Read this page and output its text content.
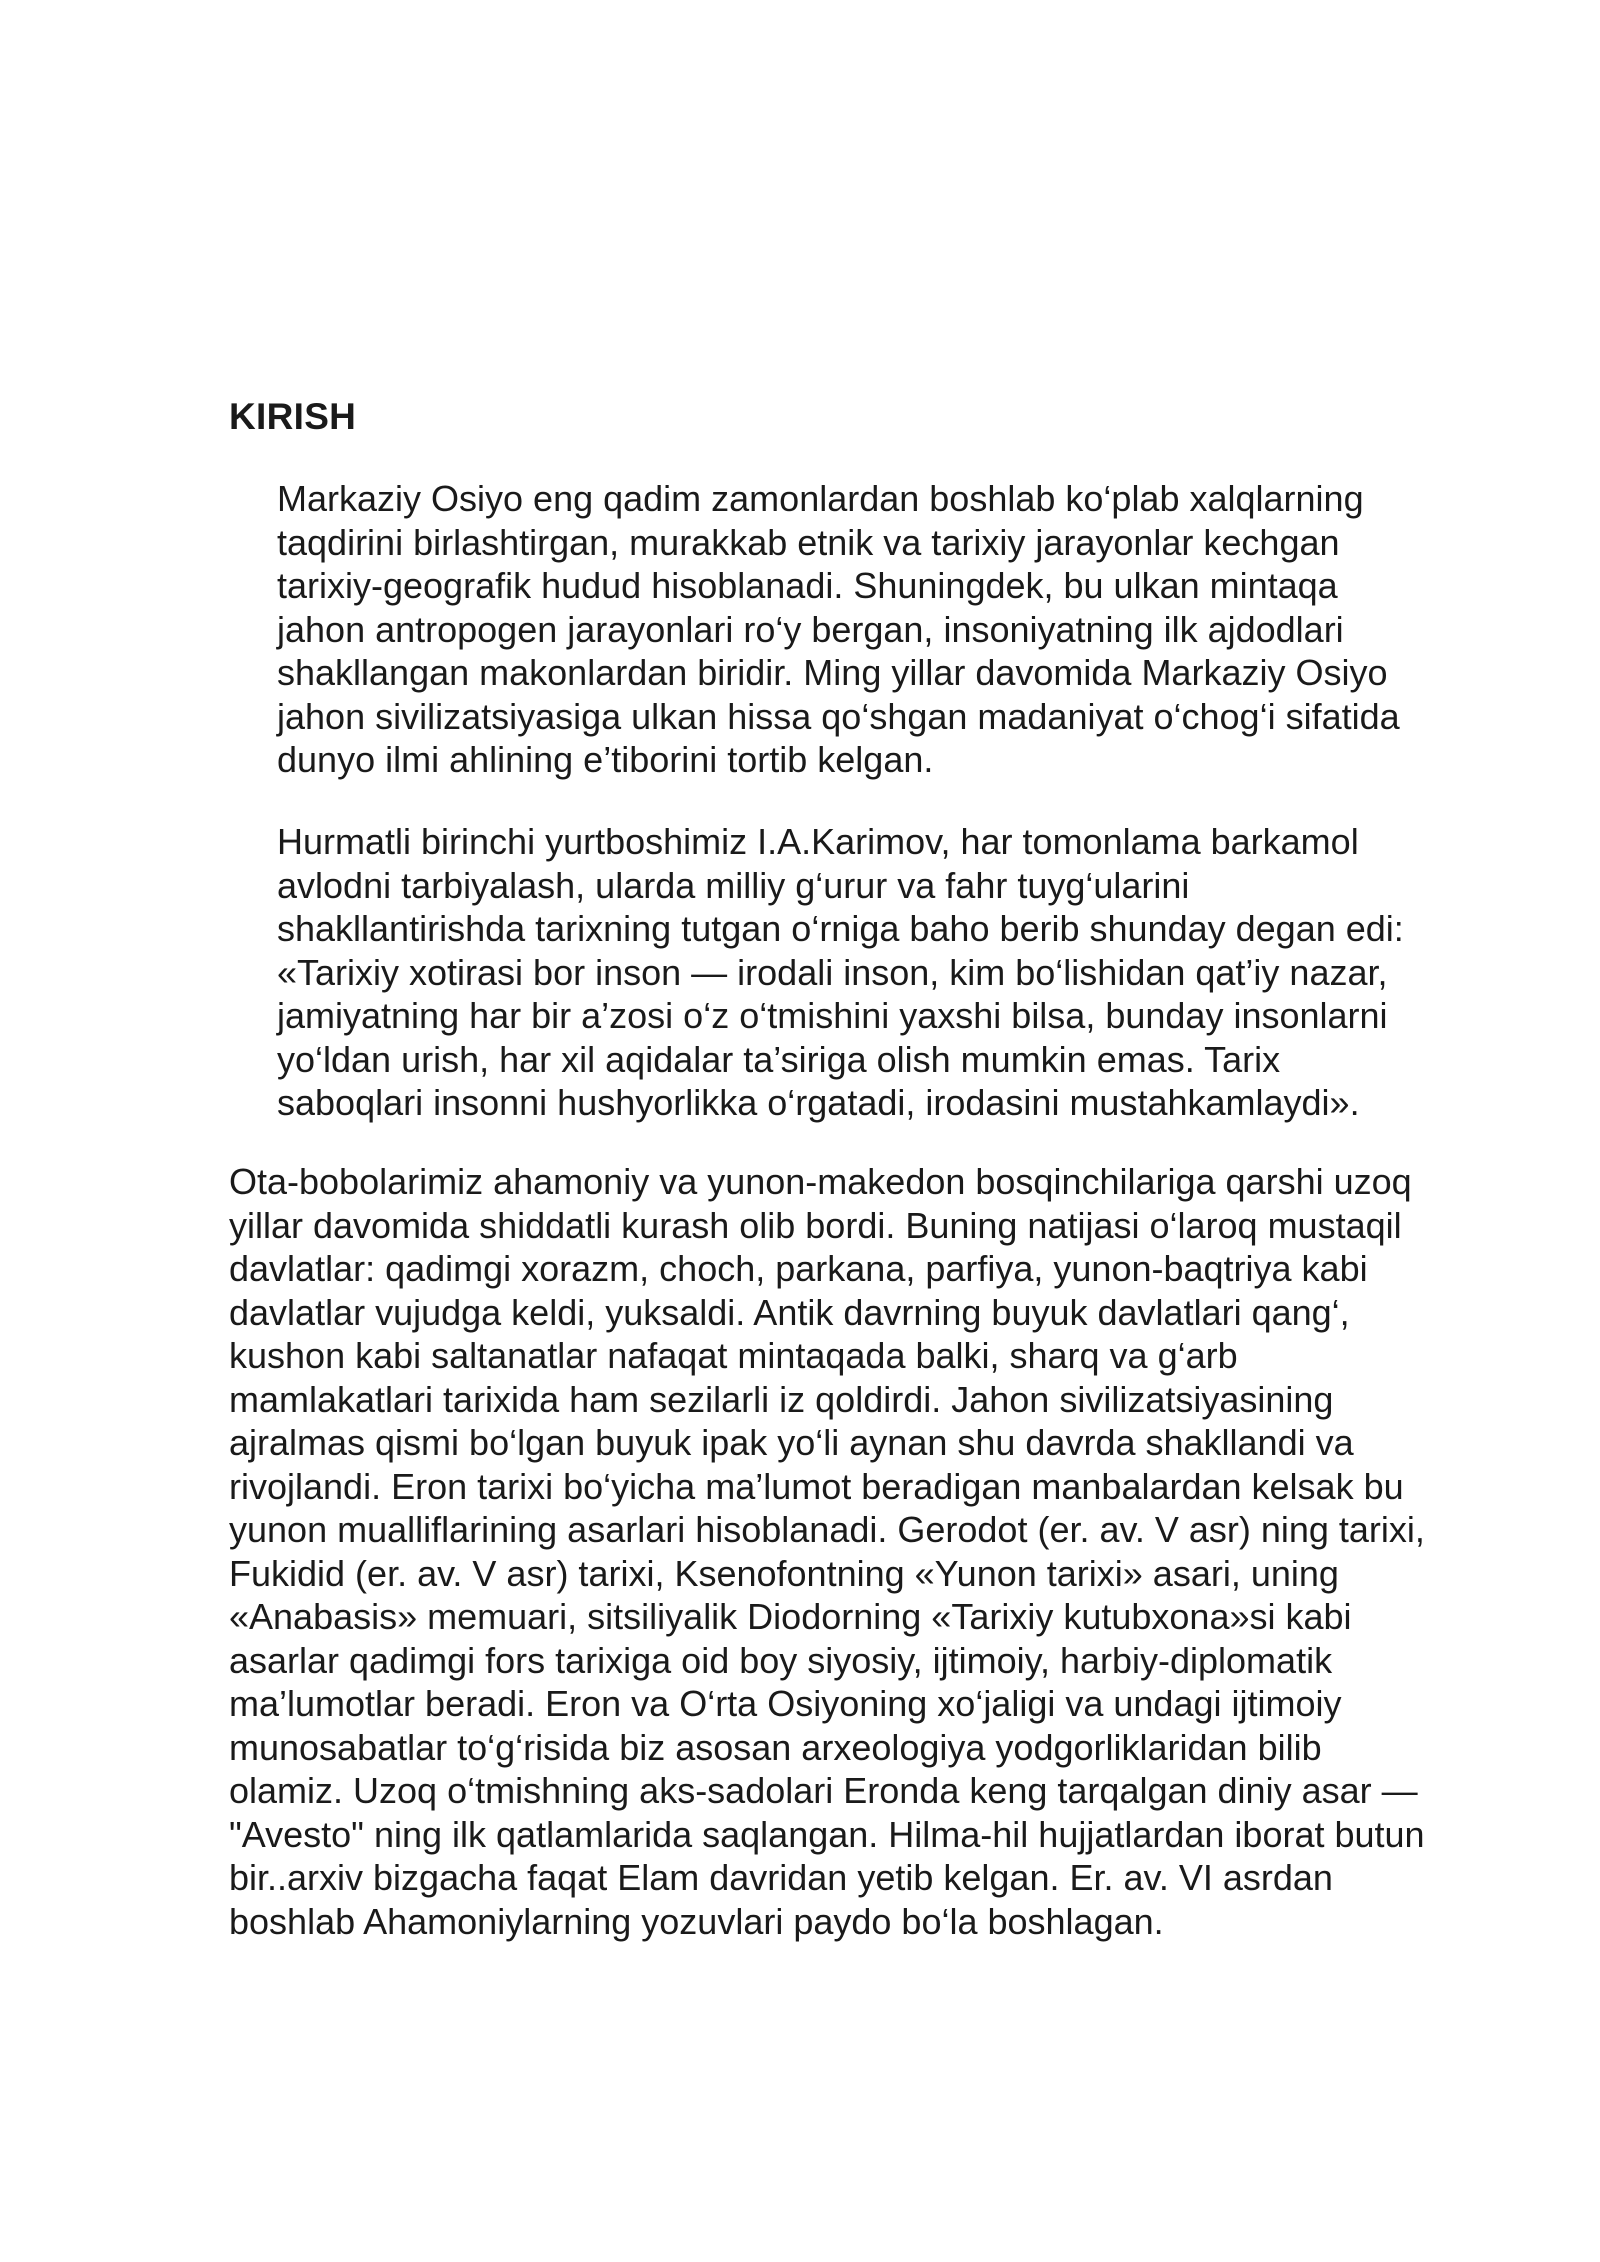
KIRISH

Markaziy Osiyo eng qadim zamonlardan boshlab ko‘plab xalqlarning
taqdirini birlashtirgan, murakkab etnik va tarixiy jarayonlar kechgan
tarixiy-geografik hudud hisoblanadi. Shuningdek, bu ulkan mintaqa
jahon antropogen jarayonlari ro‘y bergan, insoniyatning ilk ajdodlari
shakllangan makonlardan biridir. Ming yillar davomida Markaziy Osiyo
jahon sivilizatsiyasiga ulkan hissa qo‘shgan madaniyat o‘chog‘i sifatida
dunyo ilmi ahlining e’tiborini tortib kelgan.

Hurmatli birinchi yurtboshimiz I.A.Karimov, har tomonlama barkamol
avlodni tarbiyalash, ularda milliy g‘urur va fahr tuyg‘ularini
shakllantirishda tarixning tutgan o‘rniga baho berib shunday degan edi:
«Tarixiy xotirasi bor inson — irodali inson, kim bo‘lishidan qat’iy nazar,
jamiyatning har bir a’zosi o‘z o‘tmishini yaxshi bilsa, bunday insonlarni
yo‘ldan urish, har xil aqidalar ta’siriga olish mumkin emas. Tarix
saboqlari insonni hushyorlikka o‘rgatadi, irodasini mustahkamlaydi».

Ota-bobolarimiz ahamoniy va yunon-makedon bosqinchilariga qarshi uzoq
yillar davomida shiddatli kurash olib bordi. Buning natijasi o‘laroq mustaqil
davlatlar: qadimgi xorazm, choch, parkana, parfiya, yunon-baqtriya kabi
davlatlar vujudga keldi, yuksaldi. Antik davrning buyuk davlatlari qang‘,
kushon kabi saltanatlar nafaqat mintaqada balki, sharq va g‘arb
mamlakatlari tarixida ham sezilarli iz qoldirdi. Jahon sivilizatsiyasining
ajralmas qismi bo‘lgan buyuk ipak yo‘li aynan shu davrda shakllandi va
rivojlandi. Eron tarixi bo‘yicha ma’lumot beradigan manbalardan kelsak bu
yunon mualliflarining asarlari hisoblanadi. Gerodot (er. av. V asr) ning tarixi,
Fukidid (er. av. V asr) tarixi, Ksenofontning «Yunon tarixi» asari, uning
«Anabasis» memuari, sitsiliyalik Diodorning «Tarixiy kutubxona»si kabi
asarlar qadimgi fors tarixiga oid boy siyosiy, ijtimoiy, harbiy-diplomatik
ma’lumotlar beradi. Eron va O‘rta Osiyoning xo‘jaligi va undagi ijtimoiy
munosabatlar to‘g‘risida biz asosan arxeologiya yodgorliklaridan bilib
olamiz. Uzoq o‘tmishning aks-sadolari Eronda keng tarqalgan diniy asar —
"Avesto" ning ilk qatlamlarida saqlangan. Hilma-hil hujjatlardan iborat butun
bir..arxiv bizgacha faqat Elam davridan yetib kelgan. Er. av. VI asrdan
boshlab Ahamoniylarning yozuvlari paydo bo‘la boshlagan.
